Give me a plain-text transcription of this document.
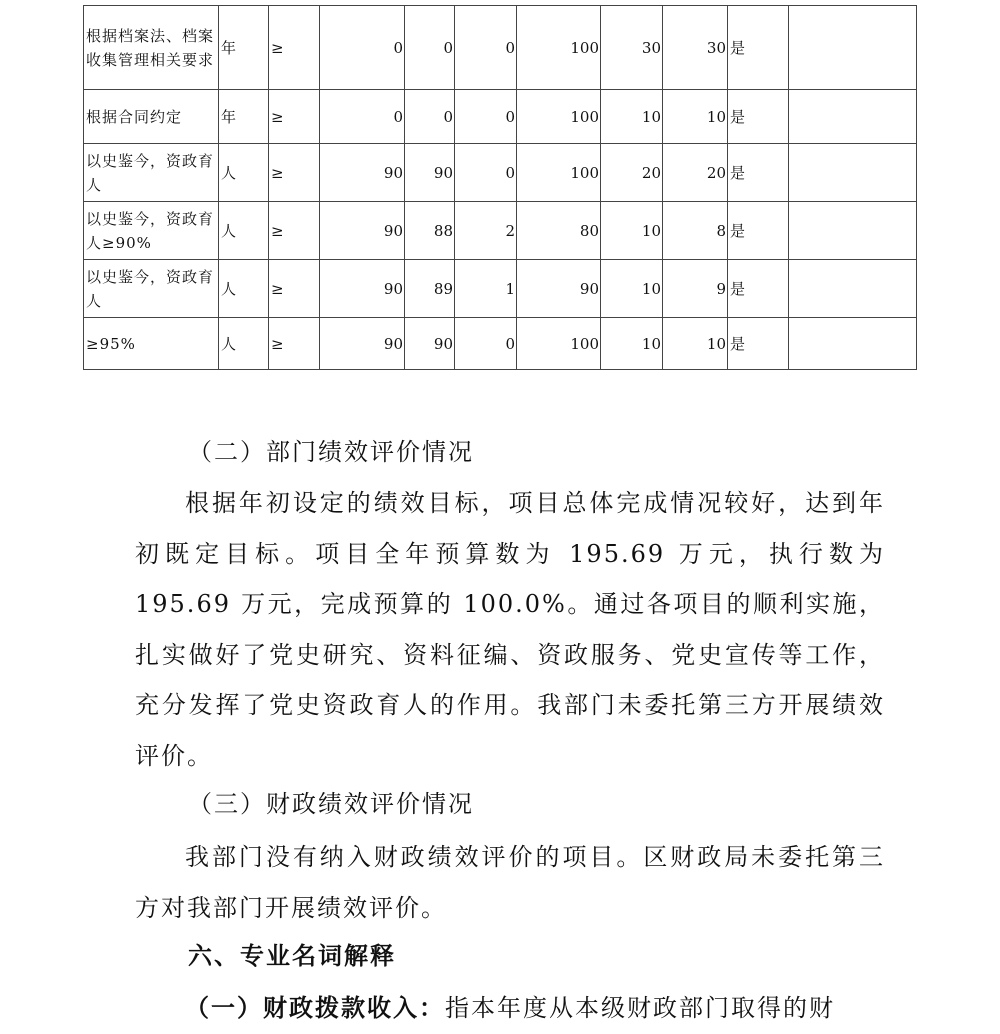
根据档案法、档案收集管理相关要求	年	≥	0	0	0	100	30	30	是	
根据合同约定	年	≥	0	0	0	100	10	10	是	
以史鉴今，资政育人	人	≥	90	90	0	100	20	20	是	
以史鉴今，资政育人≥90%	人	≥	90	88	2	80	10	8	是	
以史鉴今，资政育人	人	≥	90	89	1	90	10	9	是	
≥95%	人	≥	90	90	0	100	10	10	是	
（二）部门绩效评价情况

根据年初设定的绩效目标，项目总体完成情况较好，达到年初既定目标。项目全年预算数为 195.69 万元，执行数为 195.69 万元，完成预算的 100.0%。通过各项目的顺利实施，扎实做好了党史研究、资料征编、资政服务、党史宣传等工作，充分发挥了党史资政育人的作用。我部门未委托第三方开展绩效评价。

（三）财政绩效评价情况

我部门没有纳入财政绩效评价的项目。区财政局未委托第三方对我部门开展绩效评价。

六、专业名词解释

（一）财政拨款收入：指本年度从本级财政部门取得的财
